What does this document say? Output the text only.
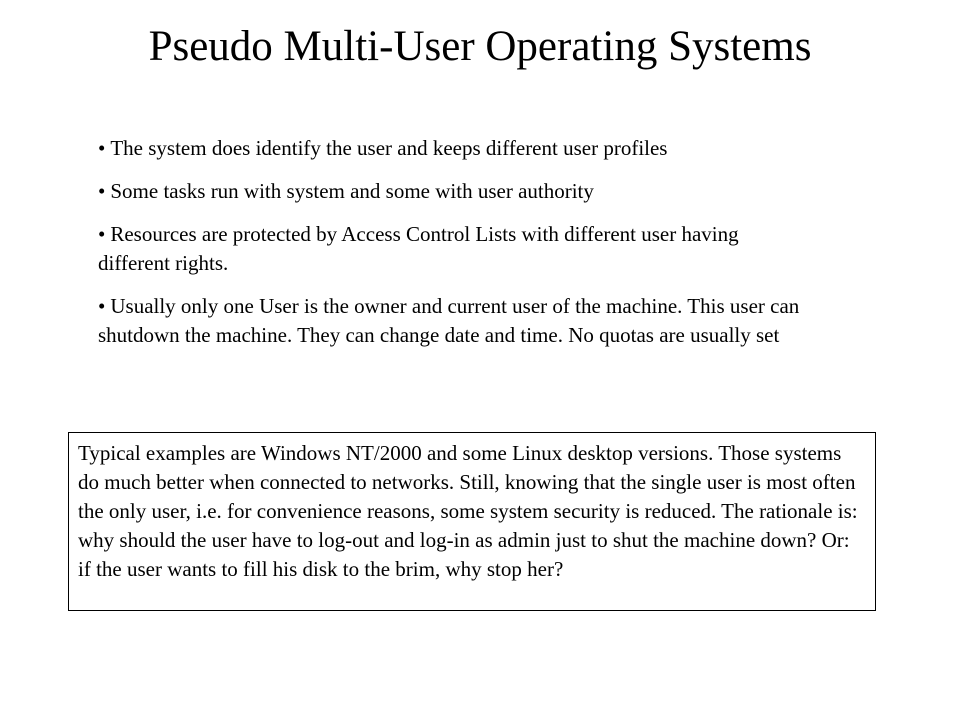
Pseudo Multi-User Operating Systems
• The system does identify the user and keeps different user profiles
• Some tasks run with system and some with user authority
• Resources are protected by Access Control Lists with different user having different rights.
• Usually only one User is the owner and current user of the machine. This user can shutdown the machine. They can change date and time. No quotas are usually set
Typical examples are Windows NT/2000 and some Linux desktop versions. Those systems do much better when connected to networks. Still, knowing that the single user is most often the only user, i.e. for convenience reasons, some system security is reduced. The rationale is: why should the user have to log-out and log-in as admin just to shut the machine down? Or: if the user wants to fill his disk to the brim, why stop her?
